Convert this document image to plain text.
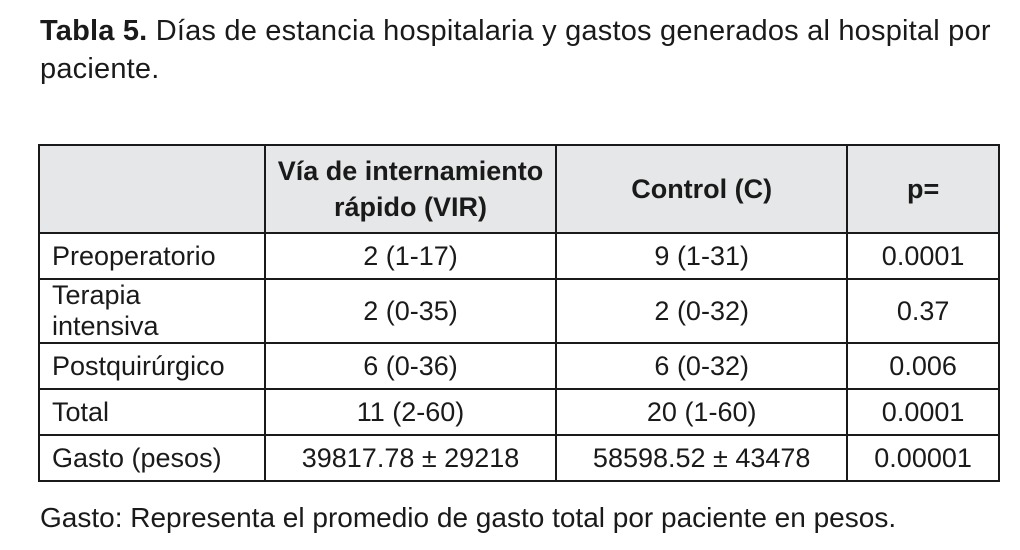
Tabla 5. Días de estancia hospitalaria y gastos generados al hospital por paciente.
	Vía de internamiento rápido (VIR)	Control (C)	p=
Preoperatorio	2 (1-17)	9 (1-31)	0.0001
Terapia intensiva	2 (0-35)	2 (0-32)	0.37
Postquirúrgico	6 (0-36)	6 (0-32)	0.006
Total	11 (2-60)	20 (1-60)	0.0001
Gasto (pesos)	39817.78 ± 29218	58598.52 ± 43478	0.00001
Gasto: Representa el promedio de gasto total por paciente en pesos.
